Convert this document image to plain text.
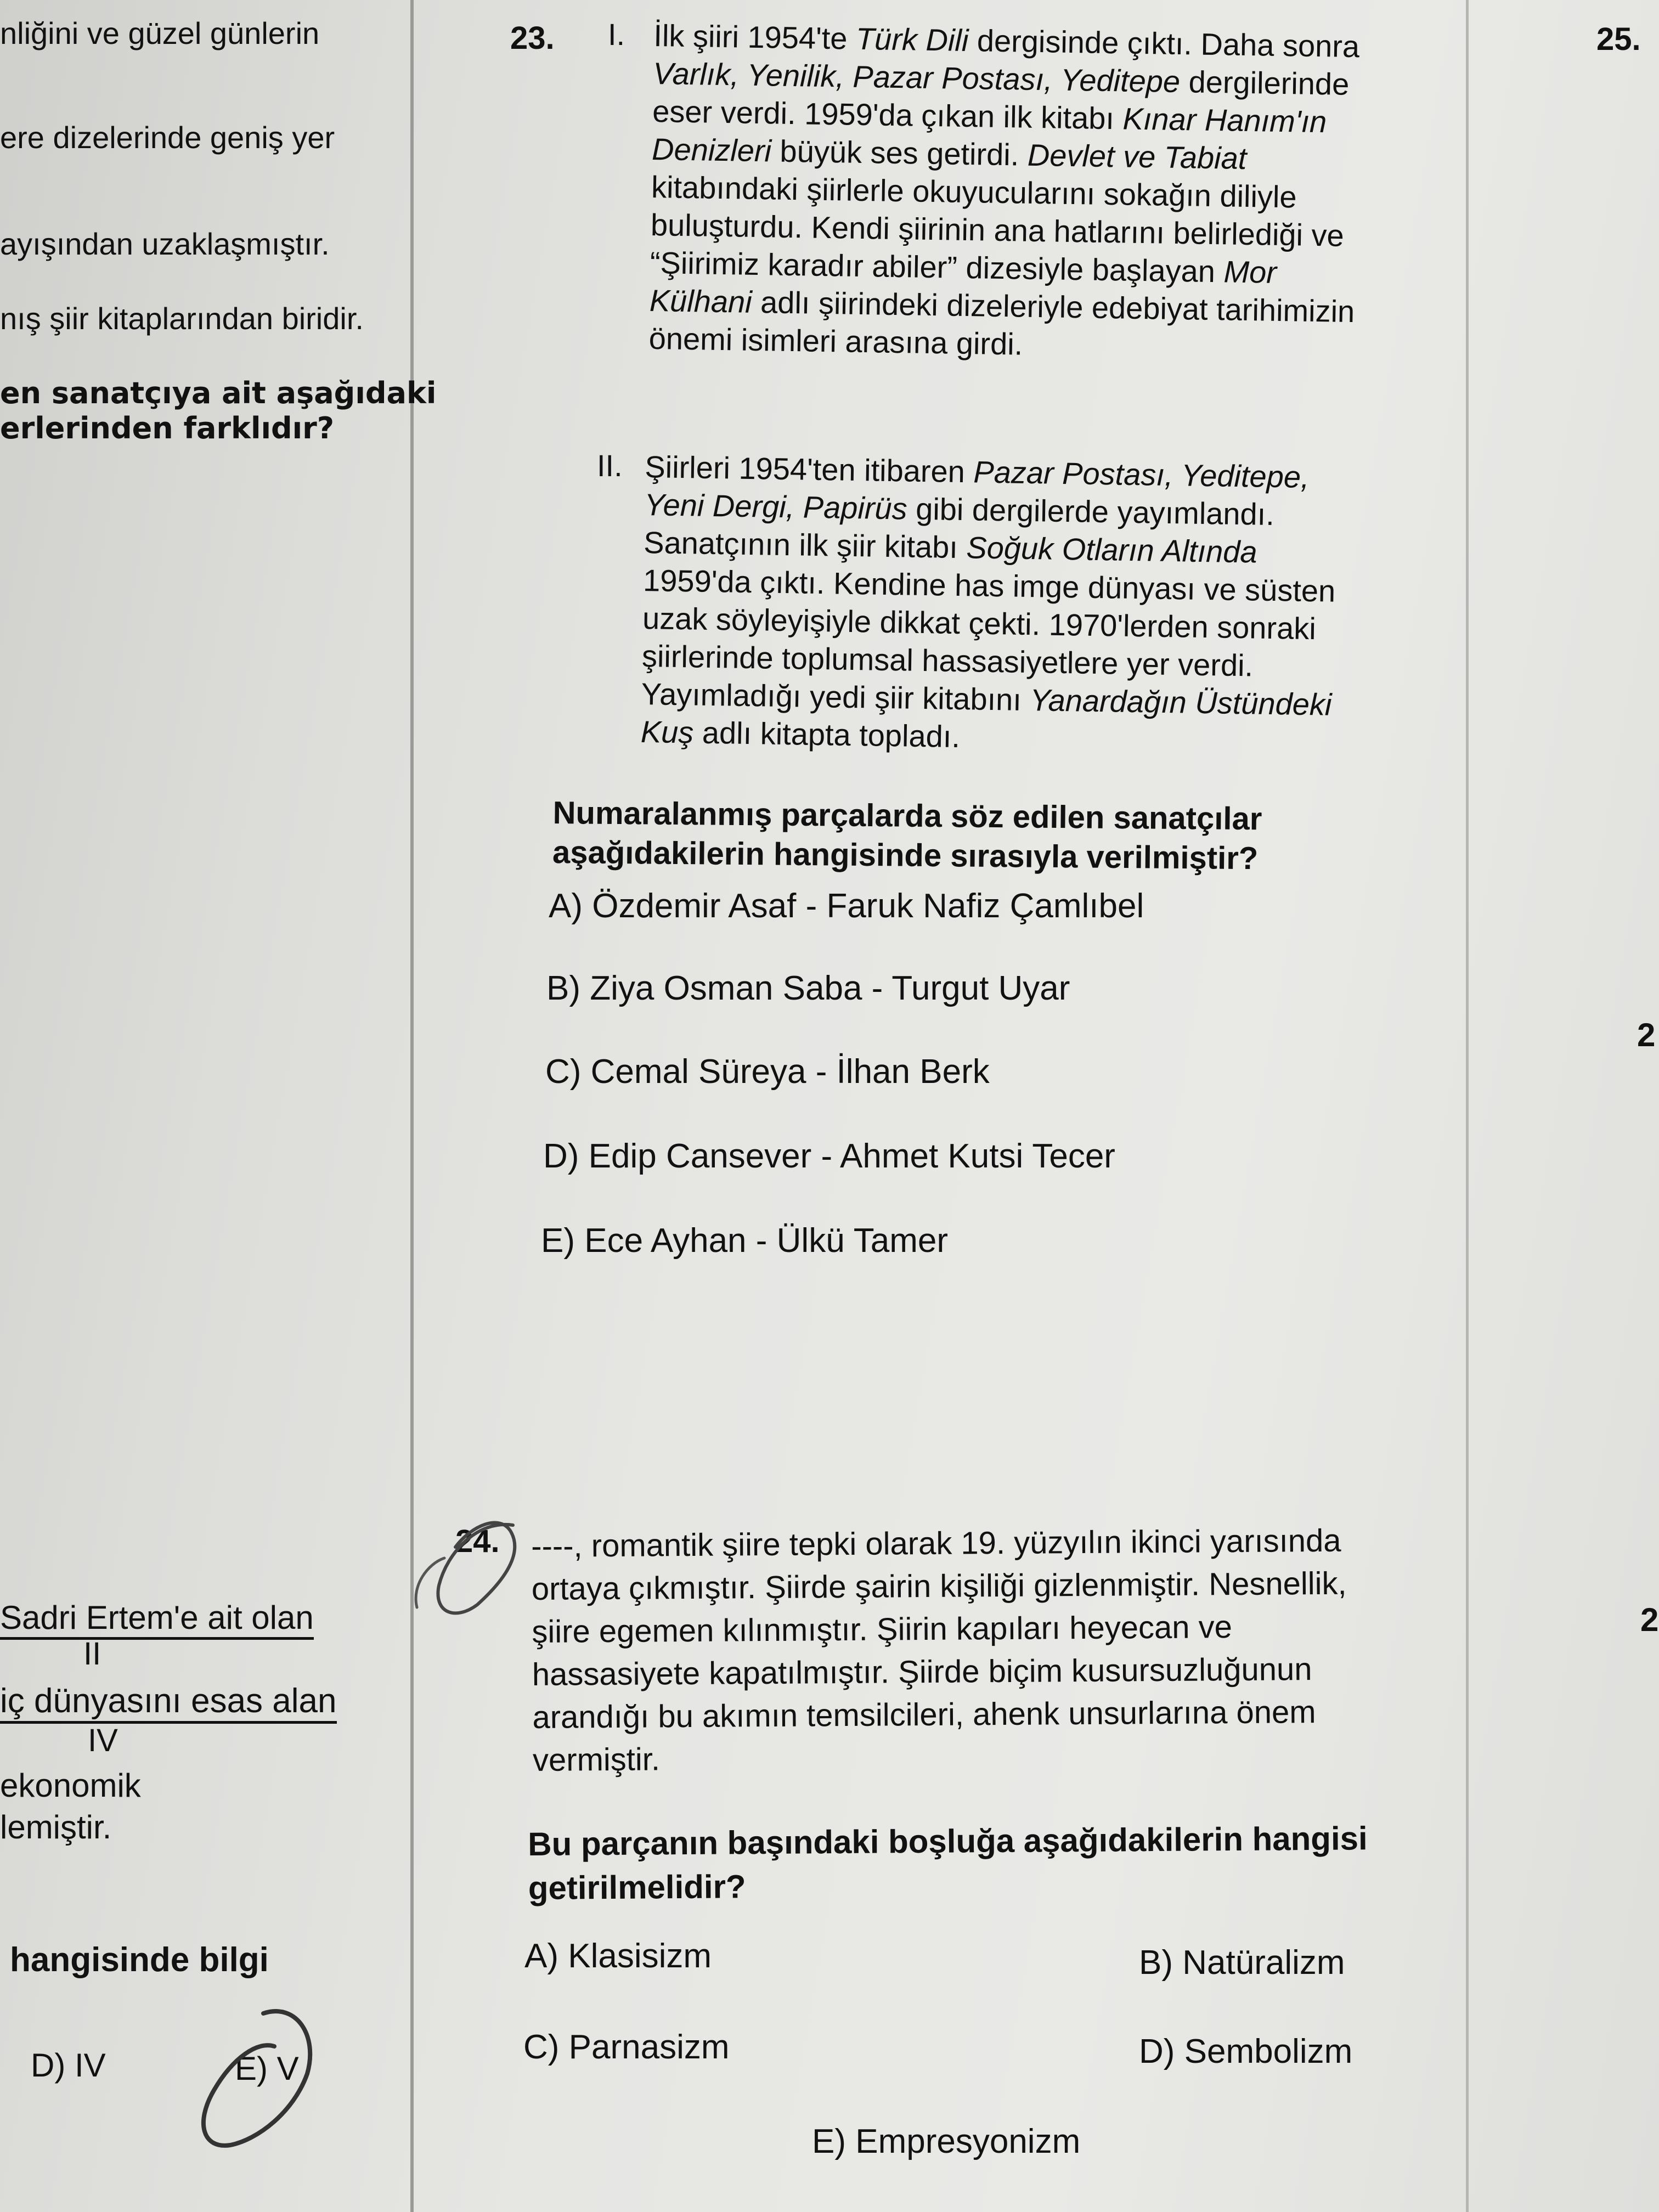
nliğini ve güzel günlerin
ere dizelerinde geniş yer
ayışından uzaklaşmıştır.
nış şiir kitaplarından biridir.
en sanatçıya ait aşağıdaki
erlerinden farklıdır?
Sadri Ertem'e ait olan
II
iç dünyasını esas alan
IV
ekonomik
lemiştir.
hangisinde bilgi
D) IV	E) V
25.
2
2
23. I. İlk şiiri 1954'te Türk Dili dergisinde çıktı. Daha sonra
Varlık, Yenilik, Pazar Postası, Yeditepe dergilerinde
eser verdi. 1959'da çıkan ilk kitabı Kınar Hanım'ın
Denizleri büyük ses getirdi. Devlet ve Tabiat
kitabındaki şiirlerle okuyucularını sokağın diliyle
buluşturdu. Kendi şiirinin ana hatlarını belirlediği ve
“Şiirimiz karadır abiler” dizesiyle başlayan Mor
Külhani adlı şiirindeki dizeleriyle edebiyat tarihimizin
önemi isimleri arasına girdi.
II. Şiirleri 1954'ten itibaren Pazar Postası, Yeditepe,
Yeni Dergi, Papirüs gibi dergilerde yayımlandı.
Sanatçının ilk şiir kitabı Soğuk Otların Altında
1959'da çıktı. Kendine has imge dünyası ve süsten
uzak söyleyişiyle dikkat çekti. 1970'lerden sonraki
şiirlerinde toplumsal hassasiyetlere yer verdi.
Yayımladığı yedi şiir kitabını Yanardağın Üstündeki
Kuş adlı kitapta topladı.
Numaralanmış parçalarda söz edilen sanatçılar
aşağıdakilerin hangisinde sırasıyla verilmiştir?
A) Özdemir Asaf - Faruk Nafiz Çamlıbel
B) Ziya Osman Saba - Turgut Uyar
C) Cemal Süreya - İlhan Berk
D) Edip Cansever - Ahmet Kutsi Tecer
E) Ece Ayhan - Ülkü Tamer
24. ----, romantik şiire tepki olarak 19. yüzyılın ikinci yarısında
ortaya çıkmıştır. Şiirde şairin kişiliği gizlenmiştir. Nesnellik,
şiire egemen kılınmıştır. Şiirin kapıları heyecan ve
hassasiyete kapatılmıştır. Şiirde biçim kusursuzluğunun
arandığı bu akımın temsilcileri, ahenk unsurlarına önem
vermiştir.
Bu parçanın başındaki boşluğa aşağıdakilerin hangisi
getirilmelidir?
A) Klasisizm	B) Natüralizm
C) Parnasizm	D) Sembolizm
E) Empresyonizm
